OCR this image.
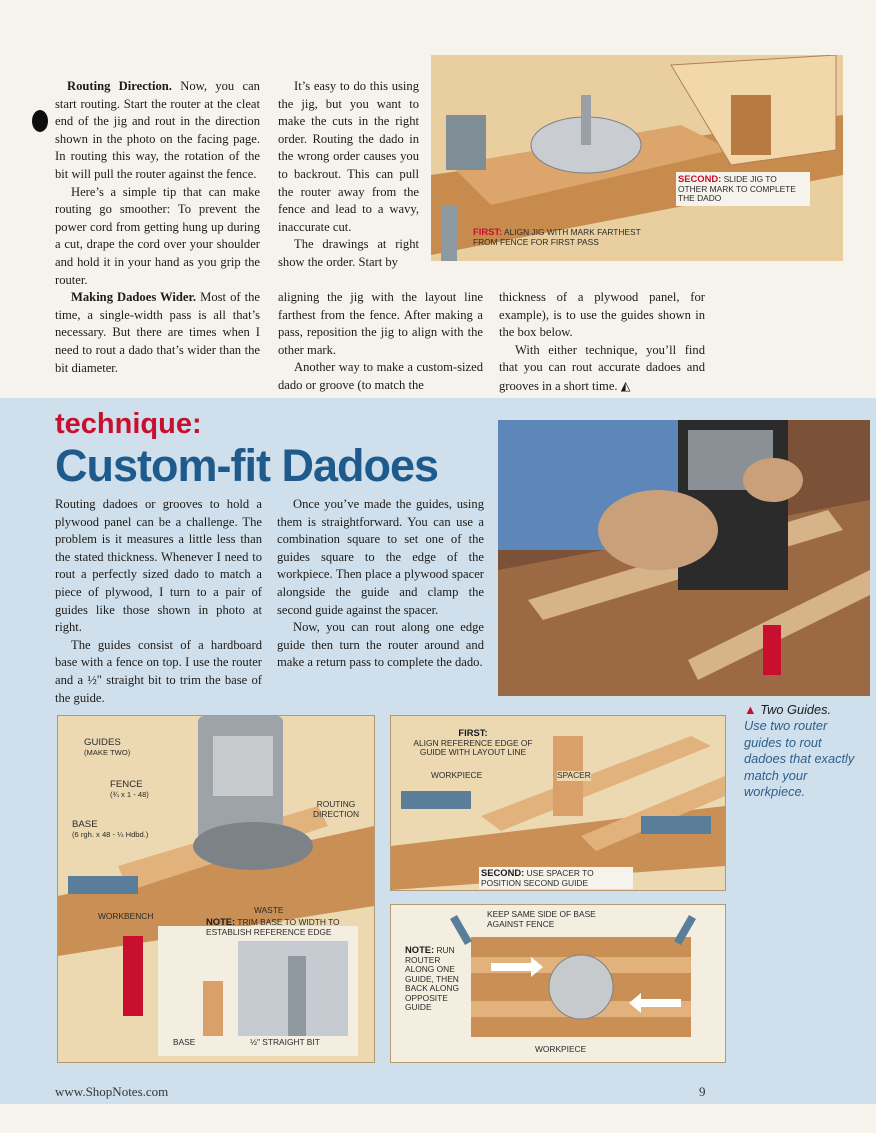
Routing Direction. Now, you can start routing. Start the router at the cleat end of the jig and rout in the direction shown in the photo on the facing page. In routing this way, the rotation of the bit will pull the router against the fence.

Here’s a simple tip that can make routing go smoother: To prevent the power cord from getting hung up during a cut, drape the cord over your shoulder and hold it in your hand as you grip the router.

Making Dadoes Wider. Most of the time, a single-width pass is all that’s necessary. But there are times when I need to rout a dado that’s wider than the bit diameter.

It’s easy to do this using the jig, but you want to make the cuts in the right order. Routing the dado in the wrong order causes you to backrout. This can pull the router away from the fence and lead to a wavy, inaccurate cut.

The drawings at right show the order. Start by

aligning the jig with the layout line farthest from the fence. After making a pass, reposition the jig to align with the other mark.

Another way to make a custom-sized dado or groove (to match the

thickness of a plywood panel, for example), is to use the guides shown in the box below.

With either technique, you’ll find that you can rout accurate dadoes and grooves in a short time. ◭

FIRST: ALIGN JIG WITH MARK FARTHEST FROM FENCE FOR FIRST PASS
SECOND: SLIDE JIG TO OTHER MARK TO COMPLETE THE DADO
technique:
Custom-fit Dadoes

Routing dadoes or grooves to hold a plywood panel can be a challenge. The problem is it measures a little less than the stated thickness. Whenever I need to rout a perfectly sized dado to match a piece of plywood, I turn to a pair of guides like those shown in photo at right.

The guides consist of a hardboard base with a fence on top. I use the router and a ½" straight bit to trim the base of the guide.

Once you’ve made the guides, using them is straightforward. You can use a combination square to set one of the guides square to the edge of the workpiece. Then place a plywood spacer alongside the guide and clamp the second guide against the spacer.

Now, you can rout along one edge guide then turn the router around and make a return pass to complete the dado.

▲ Two Guides.
Use two router guides to rout dadoes that exactly match your workpiece.
GUIDES
(MAKE TWO)
FENCE
(¾ x 1 - 48)
BASE
(6 rgh. x 48 - ¼ Hdbd.)
ROUTING DIRECTION
WORKBENCH
WASTE
NOTE: TRIM BASE TO WIDTH TO ESTABLISH REFERENCE EDGE
BASE	½" STRAIGHT BIT
FIRST:
ALIGN REFERENCE EDGE OF GUIDE WITH LAYOUT LINE
WORKPIECE	SPACER
SECOND: USE SPACER TO POSITION SECOND GUIDE
KEEP SAME SIDE OF BASE AGAINST FENCE
NOTE: RUN ROUTER ALONG ONE GUIDE, THEN BACK ALONG OPPOSITE GUIDE
WORKPIECE
www.ShopNotes.com	9
